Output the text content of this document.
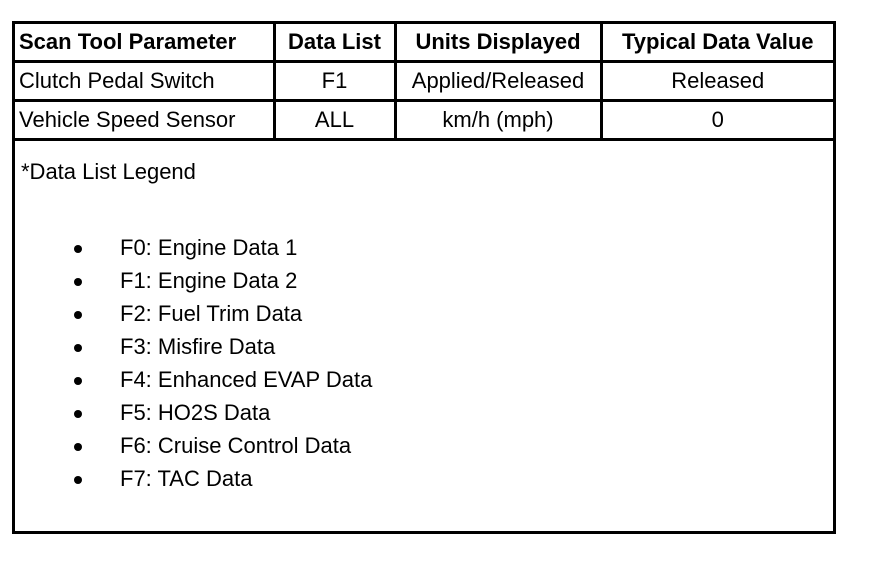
Scan Tool Parameter	Data List	Units Displayed	Typical Data Value
Clutch Pedal Switch	F1	Applied/Released	Released
Vehicle Speed Sensor	ALL	km/h (mph)	0
*Data List Legend
F0: Engine Data 1
F1: Engine Data 2
F2: Fuel Trim Data
F3: Misfire Data
F4: Enhanced EVAP Data
F5: HO2S Data
F6: Cruise Control Data
F7: TAC Data
